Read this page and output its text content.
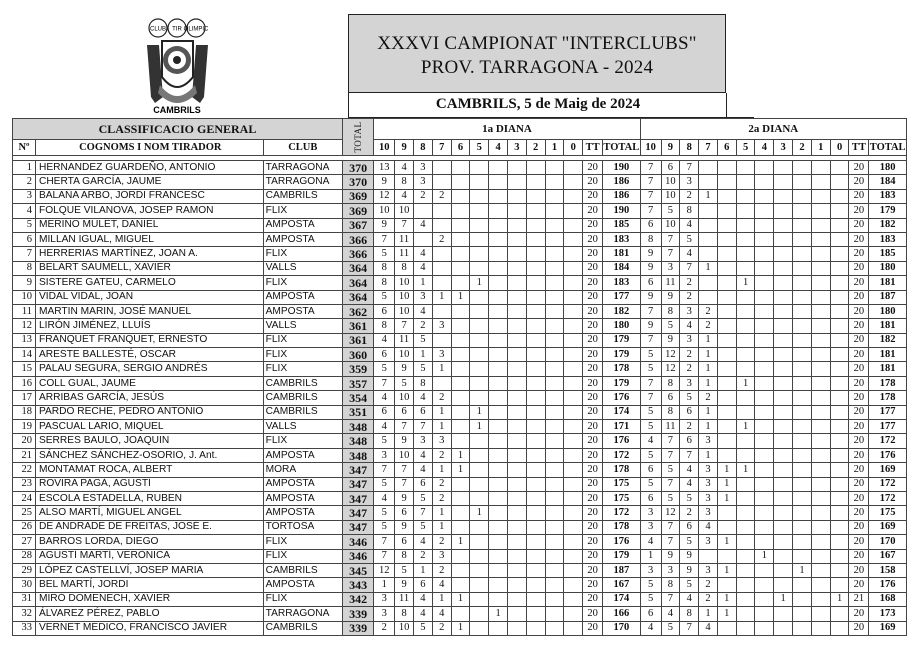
CLUB TIR OLIMPIC
CAMBRILS
XXXVI CAMPIONAT "INTERCLUBS"
PROV. TARRAGONA - 2024
CAMBRILS, 5 de Maig de 2024
CLASSIFICACIO GENERAL			TOTAL	1a DIANA													2a DIANA												
Nº	COGNOMS I NOM TIRADOR	CLUB		10	9	8	7	6	5	4	3	2	1	0	TT	TOTAL	10	9	8	7	6	5	4	3	2	1	0	TT	TOTAL

1	HERNANDEZ GUARDEÑO, ANTONIO	TARRAGONA	370	13	4	3									20	190	7	6	7									20	180
2	CHERTA GARCÍA, JAUME	TARRAGONA	370	9	8	3									20	186	7	10	3									20	184
3	BALAÑA ARBO, JORDI FRANCESC	CAMBRILS	369	12	4	2	2								20	186	7	10	2	1								20	183
4	FOLQUE VILANOVA, JOSEP RAMON	FLIX	369	10	10										20	190	7	5	8									20	179
5	MERINO MULET, DANIEL	AMPOSTA	367	9	7	4									20	185	6	10	4									20	182
6	MILLAN IGUAL, MIGUEL	AMPOSTA	366	7	11		2								20	183	8	7	5									20	183
7	HERRERIAS MARTÍNEZ, JOAN A.	FLIX	366	5	11	4									20	181	9	7	4									20	185
8	BELART SAUMELL, XAVIER	VALLS	364	8	8	4									20	184	9	3	7	1								20	180
9	SISTERE GATEU, CARMELO	FLIX	364	8	10	1			1						20	183	6	11	2			1						20	181
10	VIDAL VIDAL, JOAN	AMPOSTA	364	5	10	3	1	1							20	177	9	9	2									20	187
11	MARTIN MARIN, JOSÉ MANUEL	AMPOSTA	362	6	10	4									20	182	7	8	3	2								20	180
12	LIRÓN JIMÉNEZ, LLUÍS	VALLS	361	8	7	2	3								20	180	9	5	4	2								20	181
13	FRANQUET FRANQUET, ERNESTO	FLIX	361	4	11	5									20	179	7	9	3	1								20	182
14	ARESTE BALLESTÉ, OSCAR	FLIX	360	6	10	1	3								20	179	5	12	2	1								20	181
15	PALAU SEGURA, SERGIO ANDRÉS	FLIX	359	5	9	5	1								20	178	5	12	2	1								20	181
16	COLL GUAL, JAUME	CAMBRILS	357	7	5	8									20	179	7	8	3	1		1						20	178
17	ARRIBAS GARCÍA, JESÚS	CAMBRILS	354	4	10	4	2								20	176	7	6	5	2								20	178
18	PARDO RECHE, PEDRO ANTONIO	CAMBRILS	351	6	6	6	1		1						20	174	5	8	6	1								20	177
19	PASCUAL LARIO, MIQUEL	VALLS	348	4	7	7	1		1						20	171	5	11	2	1		1						20	177
20	SERRES BAULO, JOAQUIN	FLIX	348	5	9	3	3								20	176	4	7	6	3								20	172
21	SÁNCHEZ SÁNCHEZ-OSORIO, J. Ant.	AMPOSTA	348	3	10	4	2	1							20	172	5	7	7	1								20	176
22	MONTAMAT ROCA, ALBERT	MORA	347	7	7	4	1	1							20	178	6	5	4	3	1	1						20	169
23	ROVIRA PAGÀ, AGUSTÍ	AMPOSTA	347	5	7	6	2								20	175	5	7	4	3	1							20	172
24	ESCOLA ESTADELLA, RUBEN	AMPOSTA	347	4	9	5	2								20	175	6	5	5	3	1							20	172
25	ALSO MARTÍ, MIGUEL ANGEL	AMPOSTA	347	5	6	7	1		1						20	172	3	12	2	3								20	175
26	DE ANDRADE DE FREITAS, JOSÉ E.	TORTOSA	347	5	9	5	1								20	178	3	7	6	4								20	169
27	BARROS LORDA, DIEGO	FLIX	346	7	6	4	2	1							20	176	4	7	5	3	1							20	170
28	AGUSTÍ MARTÍ, VERÒNICA	FLIX	346	7	8	2	3								20	179	1	9	9				1					20	167
29	LÓPEZ CASTELLVÍ, JOSEP MARIA	CAMBRILS	345	12	5	1	2								20	187	3	3	9	3	1				1			20	158
30	BEL MARTÍ, JORDI	AMPOSTA	343	1	9	6	4								20	167	5	8	5	2								20	176
31	MIRÓ DOMENECH, XAVIER	FLIX	342	3	11	4	1	1							20	174	5	7	4	2	1			1			1	21	168
32	ÁLVAREZ PÉREZ, PABLO	TARRAGONA	339	3	8	4	4			1					20	166	6	4	8	1	1							20	173
33	VERNET MEDICO, FRANCISCO JAVIER	CAMBRILS	339	2	10	5	2	1							20	170	4	5	7	4								20	169
